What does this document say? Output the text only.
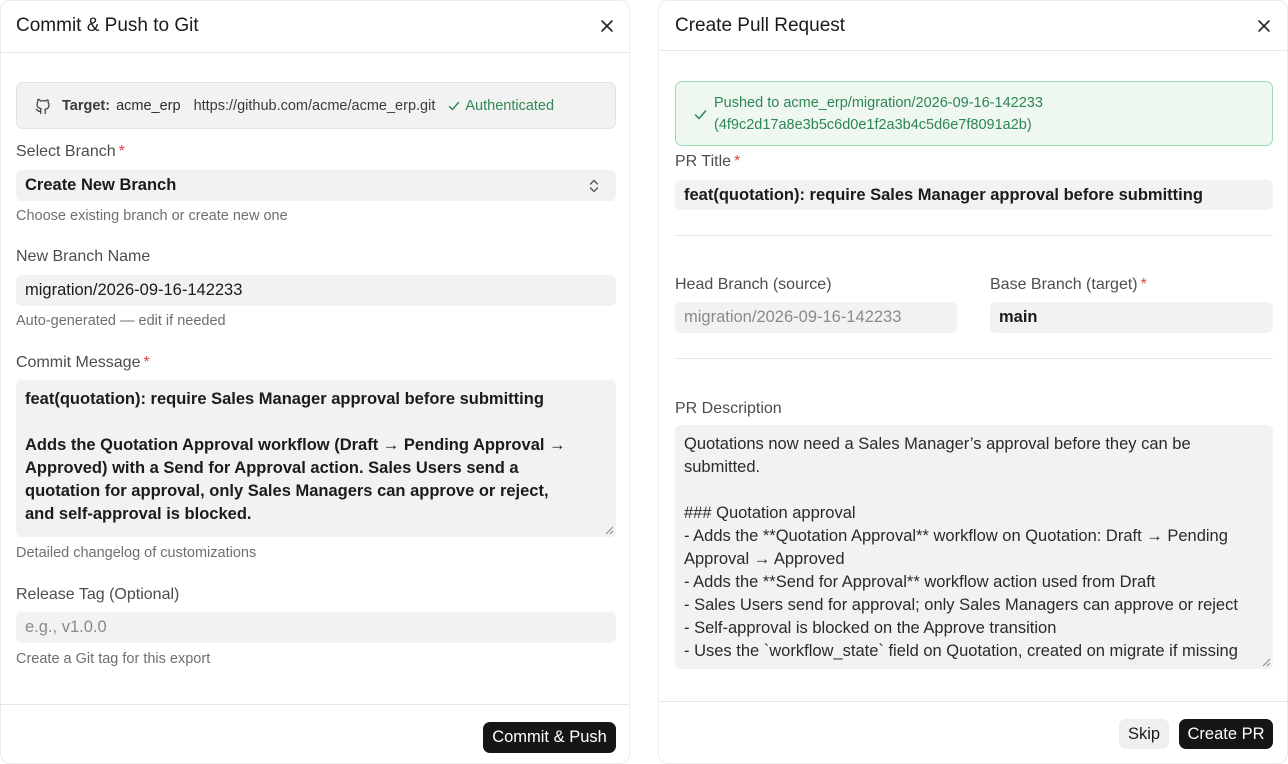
Commit & Push to Git
Target: acme_erp https://github.com/acme/acme_erp.git Authenticated
Select Branch *
Create New Branch
Choose existing branch or create new one
New Branch Name
migration/2026-09-16-142233
Auto-generated — edit if needed
Commit Message *
feat(quotation): require Sales Manager approval before submitting
Adds the Quotation Approval workflow (Draft → Pending Approval →
Approved) with a Send for Approval action. Sales Users send a
quotation for approval, only Sales Managers can approve or reject,
and self-approval is blocked.
Detailed changelog of customizations
Release Tag (Optional)
e.g., v1.0.0
Create a Git tag for this export
Commit & Push
Create Pull Request
Pushed to acme_erp/migration/2026-09-16-142233
(4f9c2d17a8e3b5c6d0e1f2a3b4c5d6e7f8091a2b)
PR Title *
feat(quotation): require Sales Manager approval before submitting
Head Branch (source)
migration/2026-09-16-142233
Base Branch (target) *
main
PR Description
Quotations now need a Sales Manager’s approval before they can be
submitted.
### Quotation approval
- Adds the **Quotation Approval** workflow on Quotation: Draft → Pending
Approval → Approved
- Adds the **Send for Approval** workflow action used from Draft
- Sales Users send for approval; only Sales Managers can approve or reject
- Self-approval is blocked on the Approve transition
- Uses the `workflow_state` field on Quotation, created on migrate if missing
Skip	Create PR
